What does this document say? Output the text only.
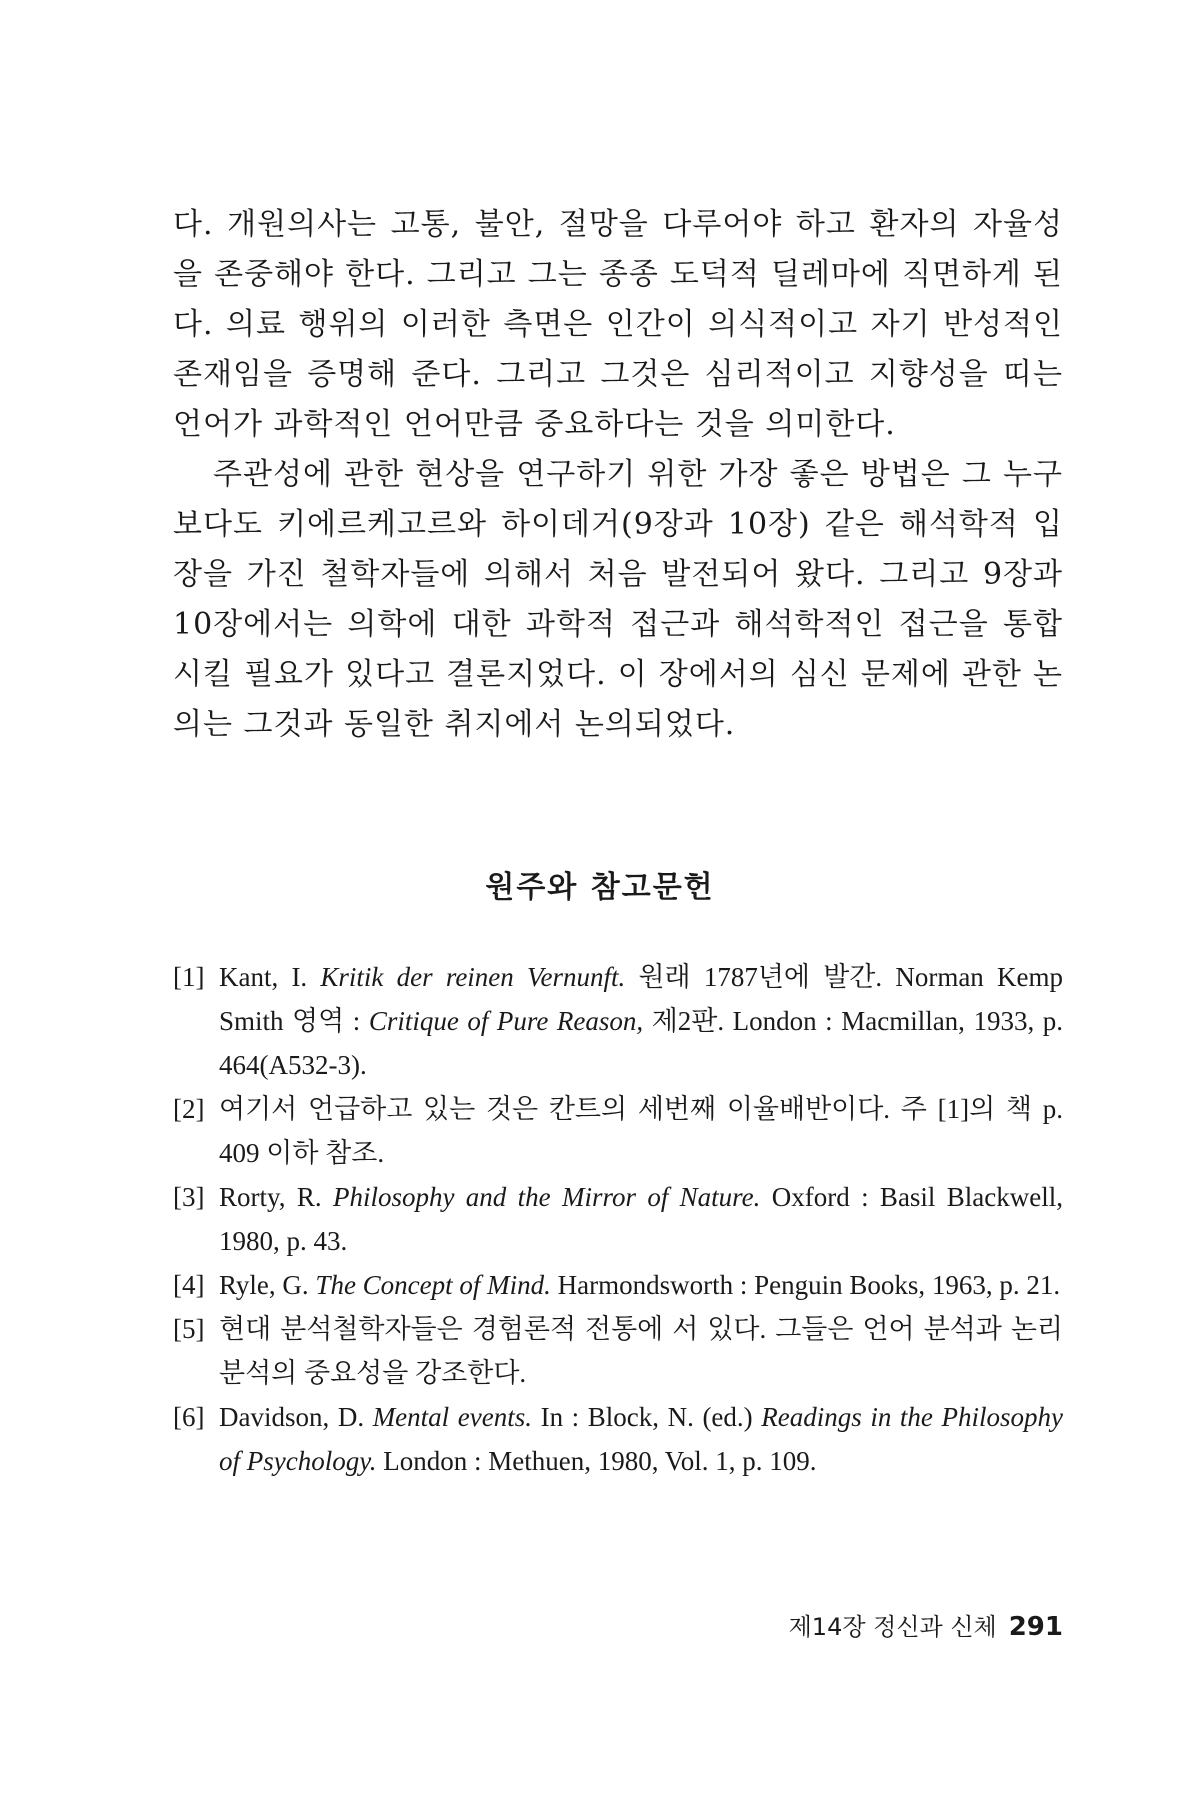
다. 개원의사는 고통, 불안, 절망을 다루어야 하고 환자의 자율성을 존중해야 한다. 그리고 그는 종종 도덕적 딜레마에 직면하게 된다. 의료 행위의 이러한 측면은 인간이 의식적이고 자기 반성적인 존재임을 증명해 준다. 그리고 그것은 심리적이고 지향성을 띠는 언어가 과학적인 언어만큼 중요하다는 것을 의미한다.

주관성에 관한 현상을 연구하기 위한 가장 좋은 방법은 그 누구보다도 키에르케고르와 하이데거(9장과 10장) 같은 해석학적 입장을 가진 철학자들에 의해서 처음 발전되어 왔다. 그리고 9장과 10장에서는 의학에 대한 과학적 접근과 해석학적인 접근을 통합시킬 필요가 있다고 결론지었다. 이 장에서의 심신 문제에 관한 논의는 그것과 동일한 취지에서 논의되었다.

원주와 참고문헌
[1] Kant, I. Kritik der reinen Vernunft. 원래 1787년에 발간. Norman Kemp Smith 영역 : Critique of Pure Reason, 제2판. London : Macmillan, 1933, p. 464(A532-3).
[2] 여기서 언급하고 있는 것은 칸트의 세번째 이율배반이다. 주 [1]의 책 p. 409 이하 참조.
[3] Rorty, R. Philosophy and the Mirror of Nature. Oxford : Basil Blackwell, 1980, p. 43.
[4] Ryle, G. The Concept of Mind. Harmondsworth : Penguin Books, 1963, p. 21.
[5] 현대 분석철학자들은 경험론적 전통에 서 있다. 그들은 언어 분석과 논리 분석의 중요성을 강조한다.
[6] Davidson, D. Mental events. In : Block, N. (ed.) Readings in the Philosophy of Psychology. London : Methuen, 1980, Vol. 1, p. 109.
제14장 정신과 신체 291
